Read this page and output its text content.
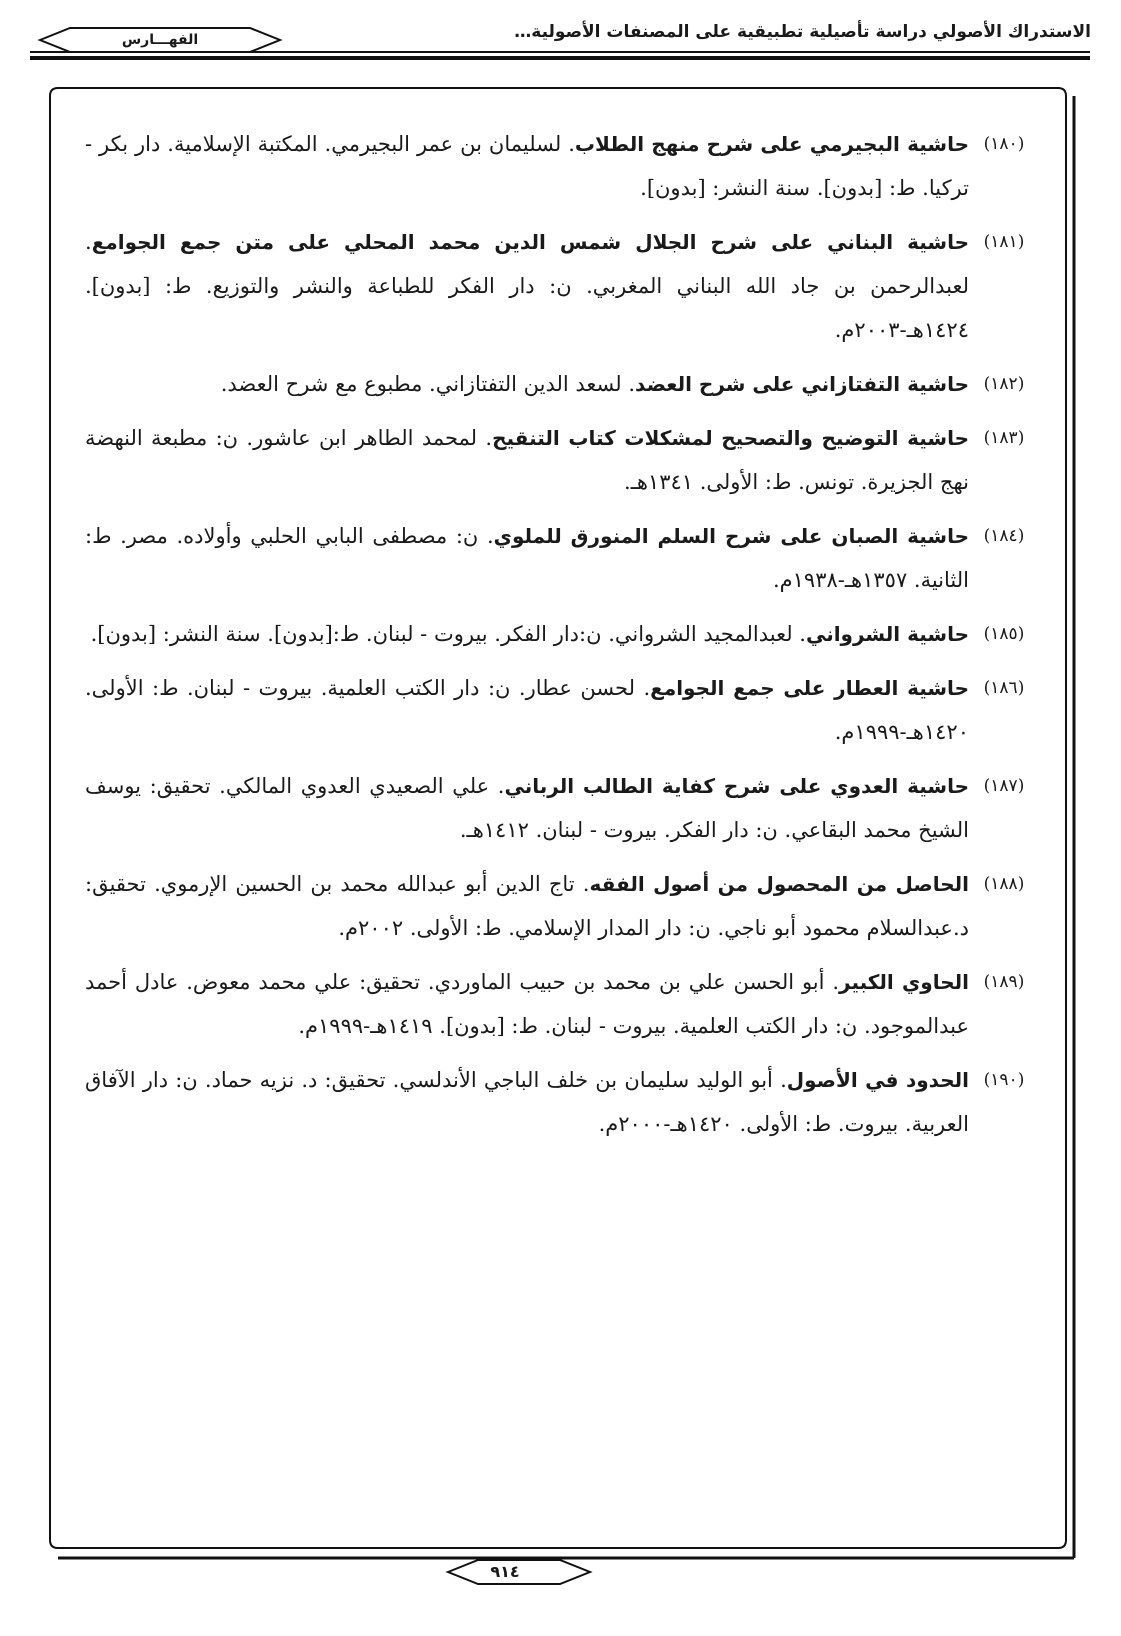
الاستدراك الأصولي دراسة تأصيلية تطبيقية على المصنفات الأصولية…
الفهـــارس
(١٨٠)
حاشية البجيرمي على شرح منهج الطلاب. لسليمان بن عمر البجيرمي. المكتبة الإسلامية. دار بكر - تركيا. ط: [بدون]. سنة النشر: [بدون].
(١٨١)
حاشية البناني على شرح الجلال شمس الدين محمد المحلي على متن جمع الجوامع. لعبدالرحمن بن جاد الله البناني المغربي. ن: دار الفكر للطباعة والنشر والتوزيع. ط: [بدون]. ١٤٢٤هـ-٢٠٠٣م.
(١٨٢)
حاشية التفتازاني على شرح العضد. لسعد الدين التفتازاني. مطبوع مع شرح العضد.
(١٨٣)
حاشية التوضيح والتصحيح لمشكلات كتاب التنقيح. لمحمد الطاهر ابن عاشور. ن: مطبعة النهضة نهج الجزيرة. تونس. ط: الأولى. ١٣٤١هـ.
(١٨٤)
حاشية الصبان على شرح السلم المنورق للملوي. ن: مصطفى البابي الحلبي وأولاده. مصر. ط: الثانية. ١٣٥٧هـ-١٩٣٨م.
(١٨٥)
حاشية الشرواني. لعبدالمجيد الشرواني. ن:دار الفكر. بيروت - لبنان. ط:[بدون]. سنة النشر: [بدون].
(١٨٦)
حاشية العطار على جمع الجوامع. لحسن عطار. ن: دار الكتب العلمية. بيروت - لبنان. ط: الأولى. ١٤٢٠هـ-١٩٩٩م.
(١٨٧)
حاشية العدوي على شرح كفاية الطالب الرباني. علي الصعيدي العدوي المالكي. تحقيق: يوسف الشيخ محمد البقاعي. ن: دار الفكر. بيروت - لبنان. ١٤١٢هـ.
(١٨٨)
الحاصل من المحصول من أصول الفقه. تاج الدين أبو عبدالله محمد بن الحسين الإرموي. تحقيق: د.عبدالسلام محمود أبو ناجي. ن: دار المدار الإسلامي. ط: الأولى. ٢٠٠٢م.
(١٨٩)
الحاوي الكبير. أبو الحسن علي بن محمد بن حبيب الماوردي. تحقيق: علي محمد معوض. عادل أحمد عبدالموجود. ن: دار الكتب العلمية. بيروت - لبنان. ط: [بدون]. ١٤١٩هـ-١٩٩٩م.
(١٩٠)
الحدود في الأصول. أبو الوليد سليمان بن خلف الباجي الأندلسي. تحقيق: د. نزيه حماد. ن: دار الآفاق العربية. بيروت. ط: الأولى. ١٤٢٠هـ-٢٠٠٠م.
٩١٤
